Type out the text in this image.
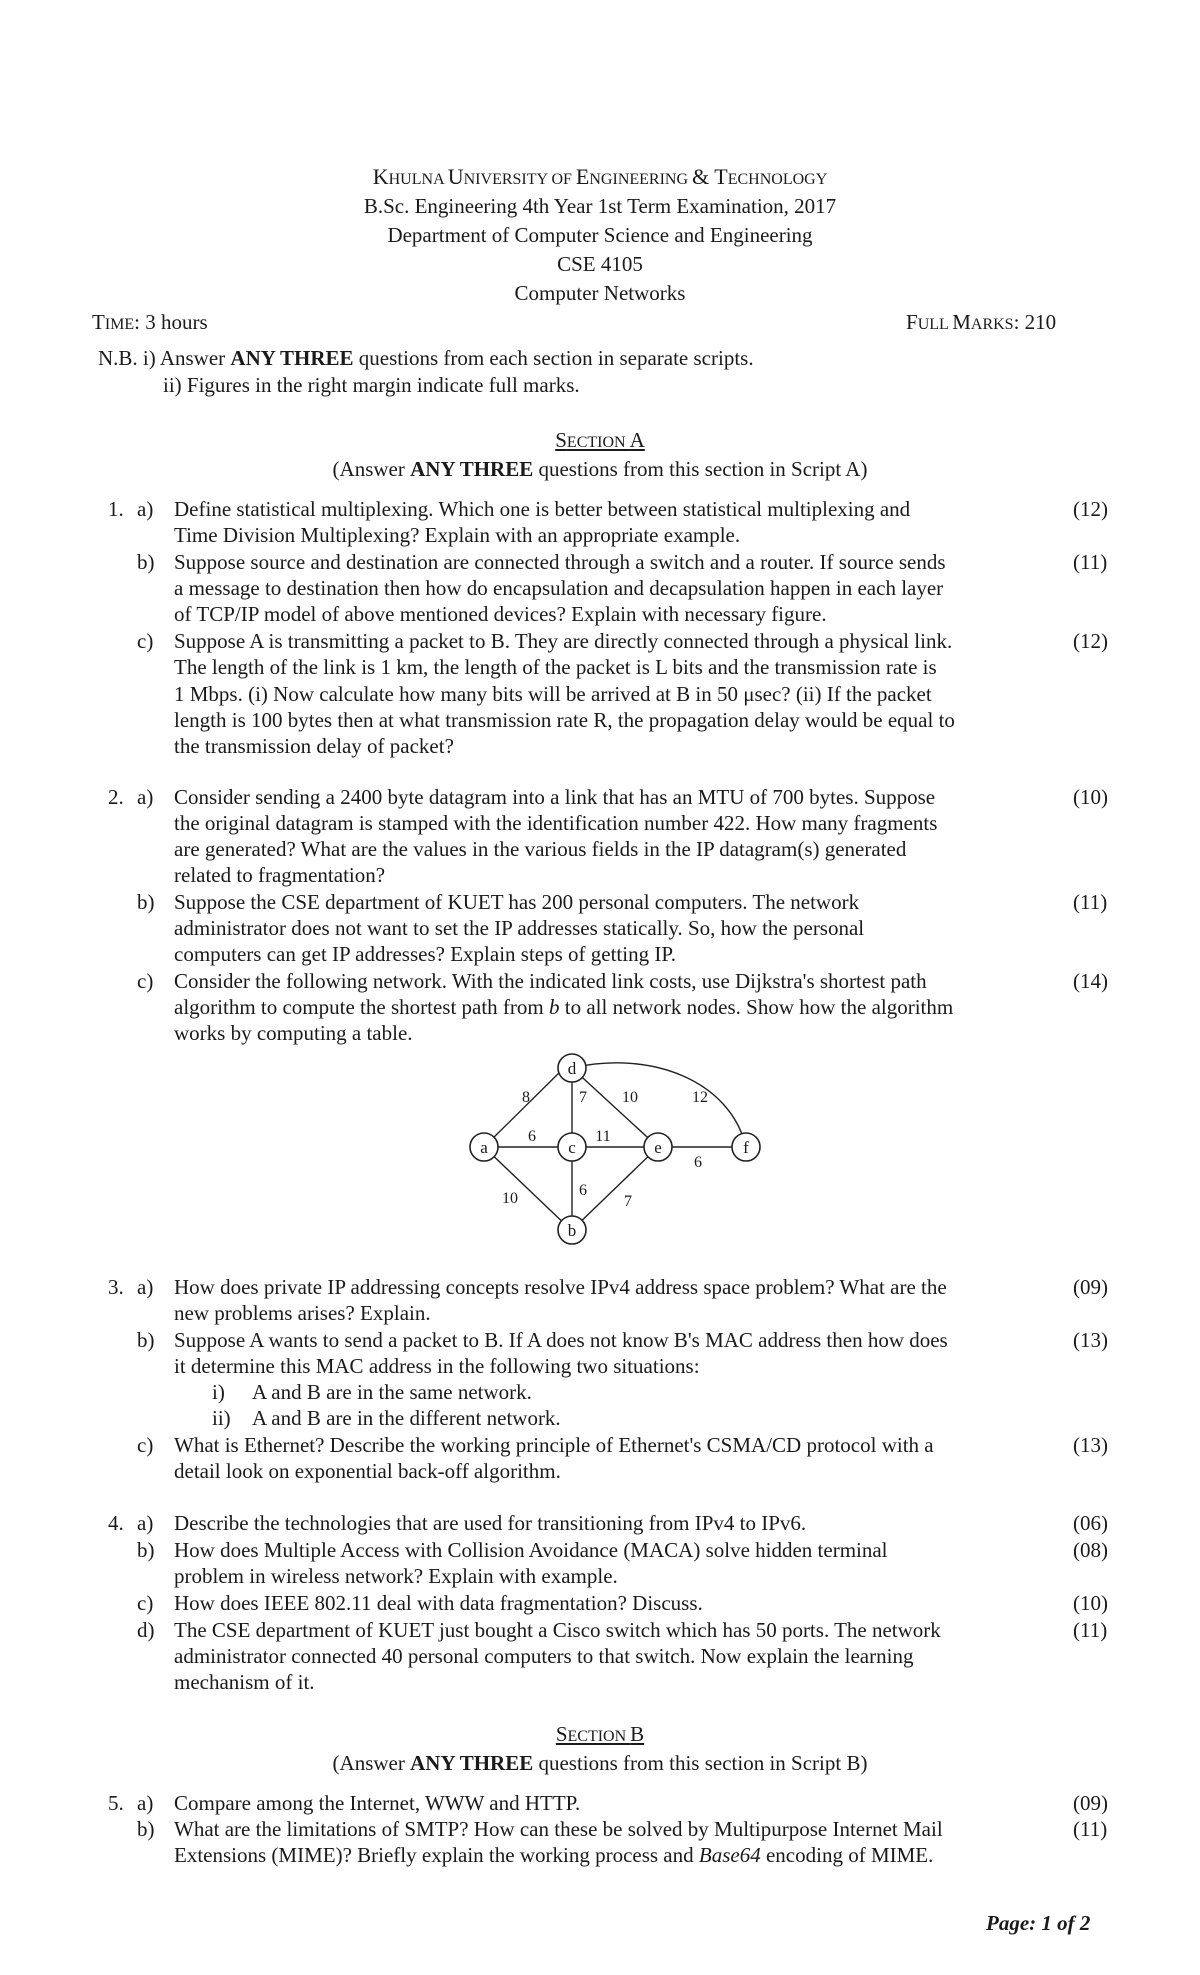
KHULNA UNIVERSITY OF ENGINEERING & TECHNOLOGY
B.Sc. Engineering 4th Year 1st Term Examination, 2017
Department of Computer Science and Engineering
CSE 4105
Computer Networks
TIME: 3 hours	FULL MARKS: 210
N.B. i) Answer ANY THREE questions from each section in separate scripts.
ii) Figures in the right margin indicate full marks.
SECTION A
(Answer ANY THREE questions from this section in Script A)
1. a) Define statistical multiplexing. Which one is better between statistical multiplexing and
Time Division Multiplexing? Explain with an appropriate example.
(12)
b) Suppose source and destination are connected through a switch and a router. If source sends
a message to destination then how do encapsulation and decapsulation happen in each layer
of TCP/IP model of above mentioned devices? Explain with necessary figure.
(11)
c) Suppose A is transmitting a packet to B. They are directly connected through a physical link.
The length of the link is 1 km, the length of the packet is L bits and the transmission rate is
1 Mbps. (i) Now calculate how many bits will be arrived at B in 50 μsec? (ii) If the packet
length is 100 bytes then at what transmission rate R, the propagation delay would be equal to
the transmission delay of packet?
(12)
2. a) Consider sending a 2400 byte datagram into a link that has an MTU of 700 bytes. Suppose
the original datagram is stamped with the identification number 422. How many fragments
are generated? What are the values in the various fields in the IP datagram(s) generated
related to fragmentation?
(10)
b) Suppose the CSE department of KUET has 200 personal computers. The network
administrator does not want to set the IP addresses statically. So, how the personal
computers can get IP addresses? Explain steps of getting IP.
(11)
c) Consider the following network. With the indicated link costs, use Dijkstra's shortest path
algorithm to compute the shortest path from b to all network nodes. Show how the algorithm
works by computing a table.
(14)
a
d
c	e	f
b
8
6
10
7
11
6
10	12
6
7
3. a) How does private IP addressing concepts resolve IPv4 address space problem? What are the
new problems arises? Explain.
(09)
b) Suppose A wants to send a packet to B. If A does not know B's MAC address then how does
it determine this MAC address in the following two situations:
i) A and B are in the same network.
ii) A and B are in the different network.
(13)
c) What is Ethernet? Describe the working principle of Ethernet's CSMA/CD protocol with a
detail look on exponential back-off algorithm.
(13)
4. a) Describe the technologies that are used for transitioning from IPv4 to IPv6.	(06)
b) How does Multiple Access with Collision Avoidance (MACA) solve hidden terminal
problem in wireless network? Explain with example.
(08)
c) How does IEEE 802.11 deal with data fragmentation? Discuss.	(10)
d) The CSE department of KUET just bought a Cisco switch which has 50 ports. The network
administrator connected 40 personal computers to that switch. Now explain the learning
mechanism of it.
(11)
SECTION B
(Answer ANY THREE questions from this section in Script B)
5. a) Compare among the Internet, WWW and HTTP.	(09)
b) What are the limitations of SMTP? How can these be solved by Multipurpose Internet Mail
Extensions (MIME)? Briefly explain the working process and Base64 encoding of MIME.
(11)
Page: 1 of 2
